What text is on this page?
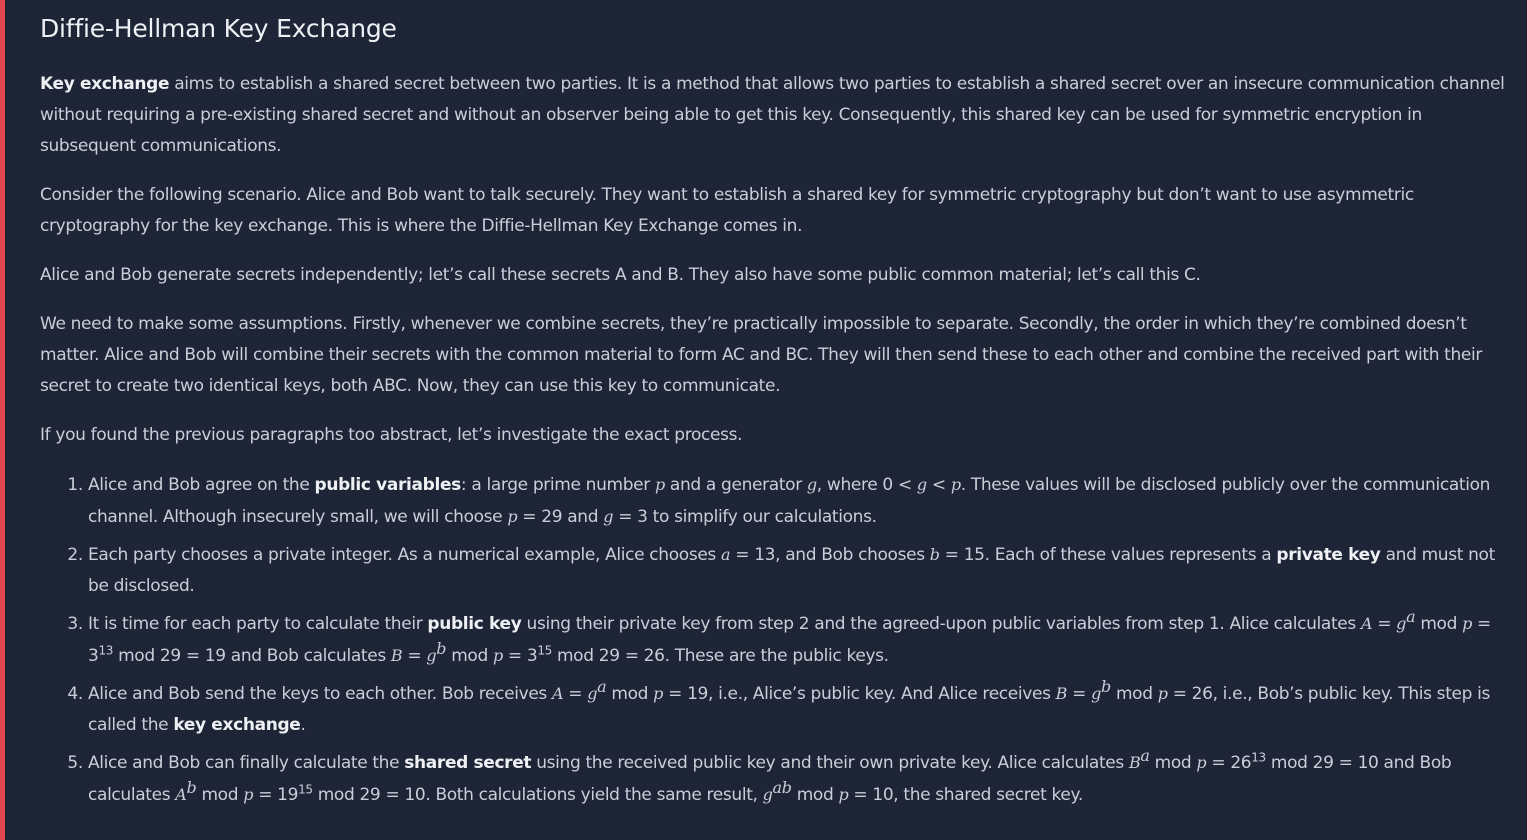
Diffie-Hellman Key Exchange

Key exchange aims to establish a shared secret between two parties. It is a method that allows two parties to establish a shared secret over an insecure communication channel without requiring a pre-existing shared secret and without an observer being able to get this key. Consequently, this shared key can be used for symmetric encryption in subsequent communications.

Consider the following scenario. Alice and Bob want to talk securely. They want to establish a shared key for symmetric cryptography but don’t want to use asymmetric cryptography for the key exchange. This is where the Diffie-Hellman Key Exchange comes in.

Alice and Bob generate secrets independently; let’s call these secrets A and B. They also have some public common material; let’s call this C.

We need to make some assumptions. Firstly, whenever we combine secrets, they’re practically impossible to separate. Secondly, the order in which they’re combined doesn’t matter. Alice and Bob will combine their secrets with the common material to form AC and BC. They will then send these to each other and combine the received part with their secret to create two identical keys, both ABC. Now, they can use this key to communicate.

If you found the previous paragraphs too abstract, let’s investigate the exact process.

1. Alice and Bob agree on the public variables: a large prime number p and a generator g, where 0 < g < p. These values will be disclosed publicly over the communication channel. Although insecurely small, we will choose p = 29 and g = 3 to simplify our calculations.
2. Each party chooses a private integer. As a numerical example, Alice chooses a = 13, and Bob chooses b = 15. Each of these values represents a private key and must not be disclosed.
3. It is time for each party to calculate their public key using their private key from step 2 and the agreed-upon public variables from step 1. Alice calculates $A = g^a$ mod $p = 3^{13}$ mod 29 = 19 and Bob calculates $B = g^b$ mod $p = 3^{15}$ mod 29 = 26. These are the public keys.
4. Alice and Bob send the keys to each other. Bob receives $A = g^a$ mod p = 19, i.e., Alice’s public key. And Alice receives $B = g^b$ mod p = 26, i.e., Bob’s public key. This step is called the key exchange.
5. Alice and Bob can finally calculate the shared secret using the received public key and their own private key. Alice calculates $B^a$ mod $p = 26^{13}$ mod 29 = 10 and Bob calculates $A^b$ mod $p = 19^{15}$ mod 29 = 10. Both calculations yield the same result, $g^{ab}$ mod p = 10, the shared secret key.
